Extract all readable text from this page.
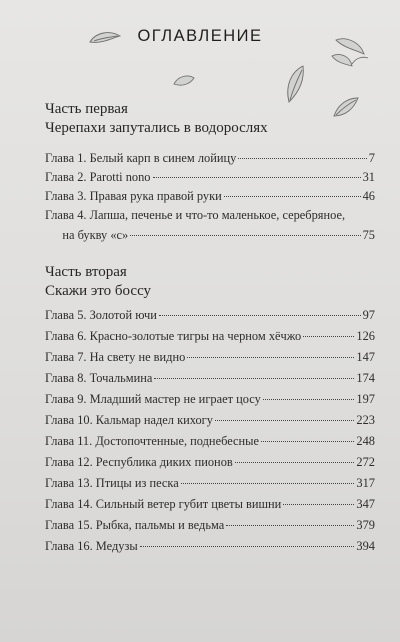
ОГЛАВЛЕНИЕ
Часть первая
Черепахи запутались в водорослях
Глава 1. Белый карп в синем лойицу	7
Глава 2. Parotti nono	31
Глава 3. Правая рука правой руки	46
Глава 4. Лапша, печенье и что-то маленькое, серебряное,
на букву «с»	75
Часть вторая
Скажи это боссу
Глава 5. Золотой ючи	97
Глава 6. Красно-золотые тигры на черном хёчжо	126
Глава 7. На свету не видно	147
Глава 8. Точальмина	174
Глава 9. Младший мастер не играет цосу	197
Глава 10. Кальмар надел кихогу	223
Глава 11. Достопочтенные, поднебесные	248
Глава 12. Республика диких пионов	272
Глава 13. Птицы из песка	317
Глава 14. Сильный ветер губит цветы вишни	347
Глава 15. Рыбка, пальмы и ведьма	379
Глава 16. Медузы	394
